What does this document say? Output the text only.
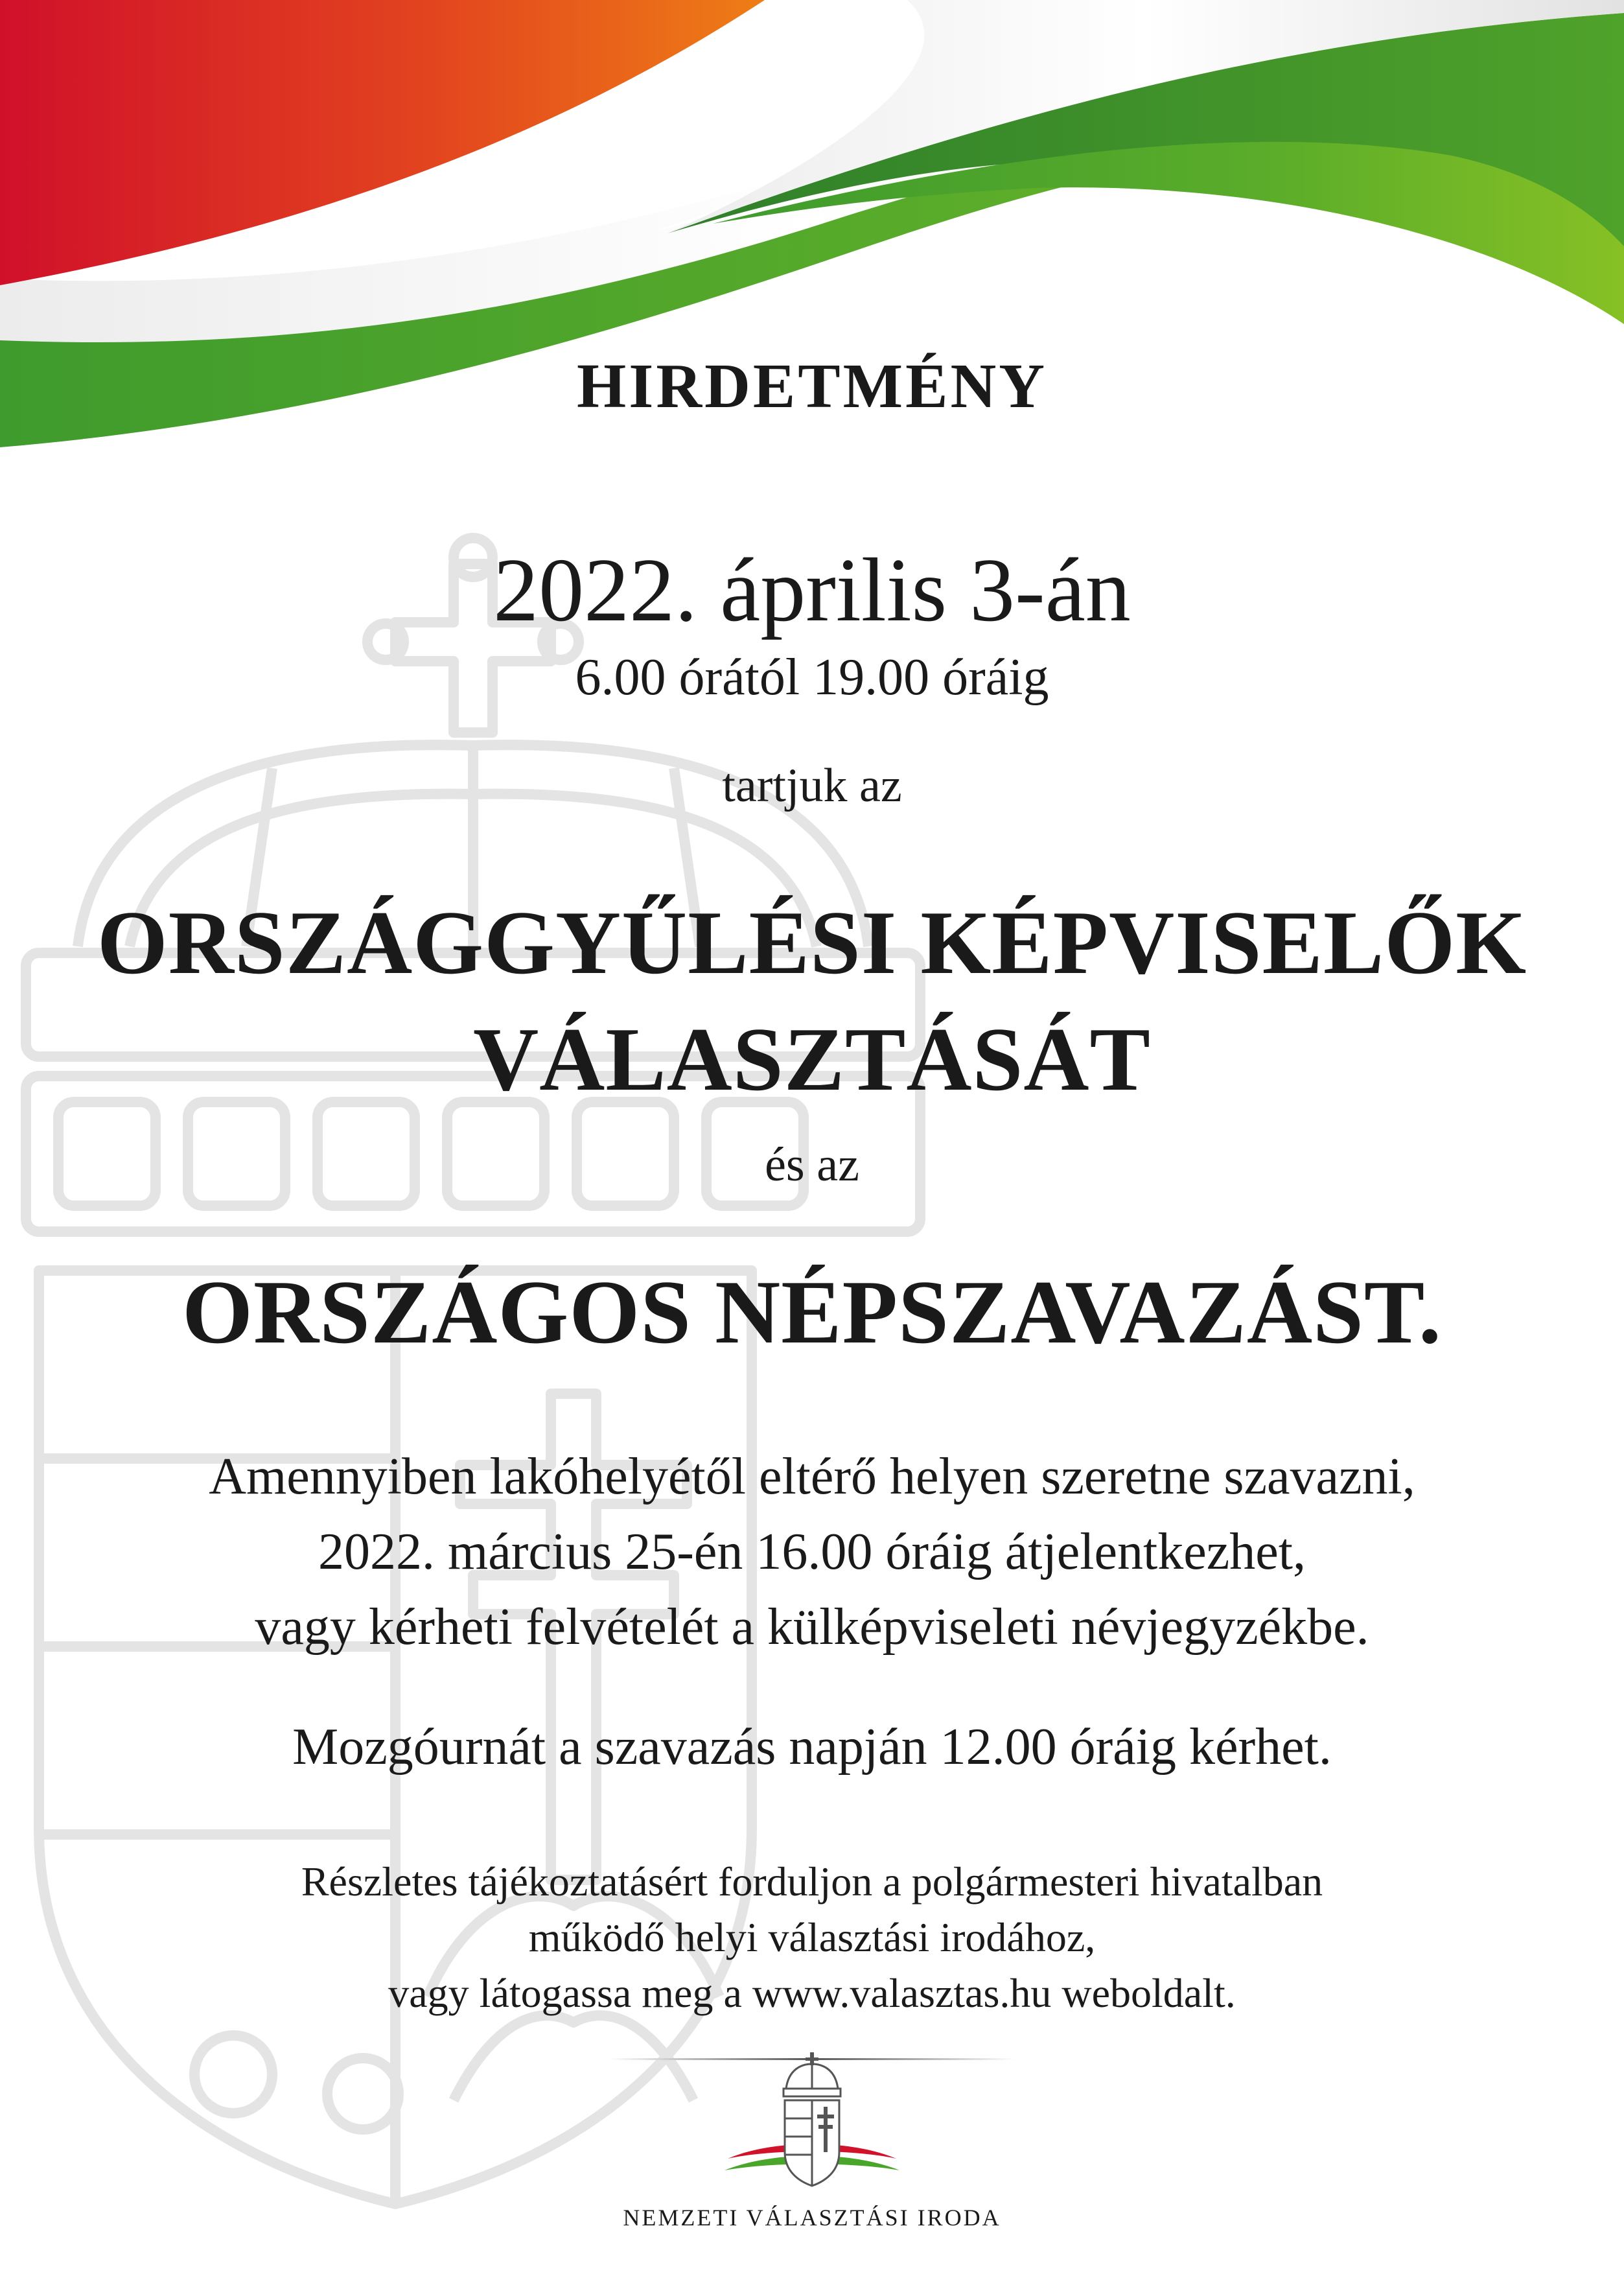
HIRDETMÉNY

2022. április 3-án

6.00 órától 19.00 óráig

tartjuk az

ORSZÁGGYŰLÉSI KÉPVISELŐK
VÁLASZTÁSÁT

és az

ORSZÁGOS NÉPSZAVAZÁST.

Amennyiben lakóhelyétől eltérő helyen szeretne szavazni,
2022. március 25-én 16.00 óráig átjelentkezhet,
vagy kérheti felvételét a külképviseleti névjegyzékbe.

Mozgóurnát a szavazás napján 12.00 óráig kérhet.

Részletes tájékoztatásért forduljon a polgármesteri hivatalban
működő helyi választási irodához,
vagy látogassa meg a www.valasztas.hu weboldalt.

NEMZETI VÁLASZTÁSI IRODA
